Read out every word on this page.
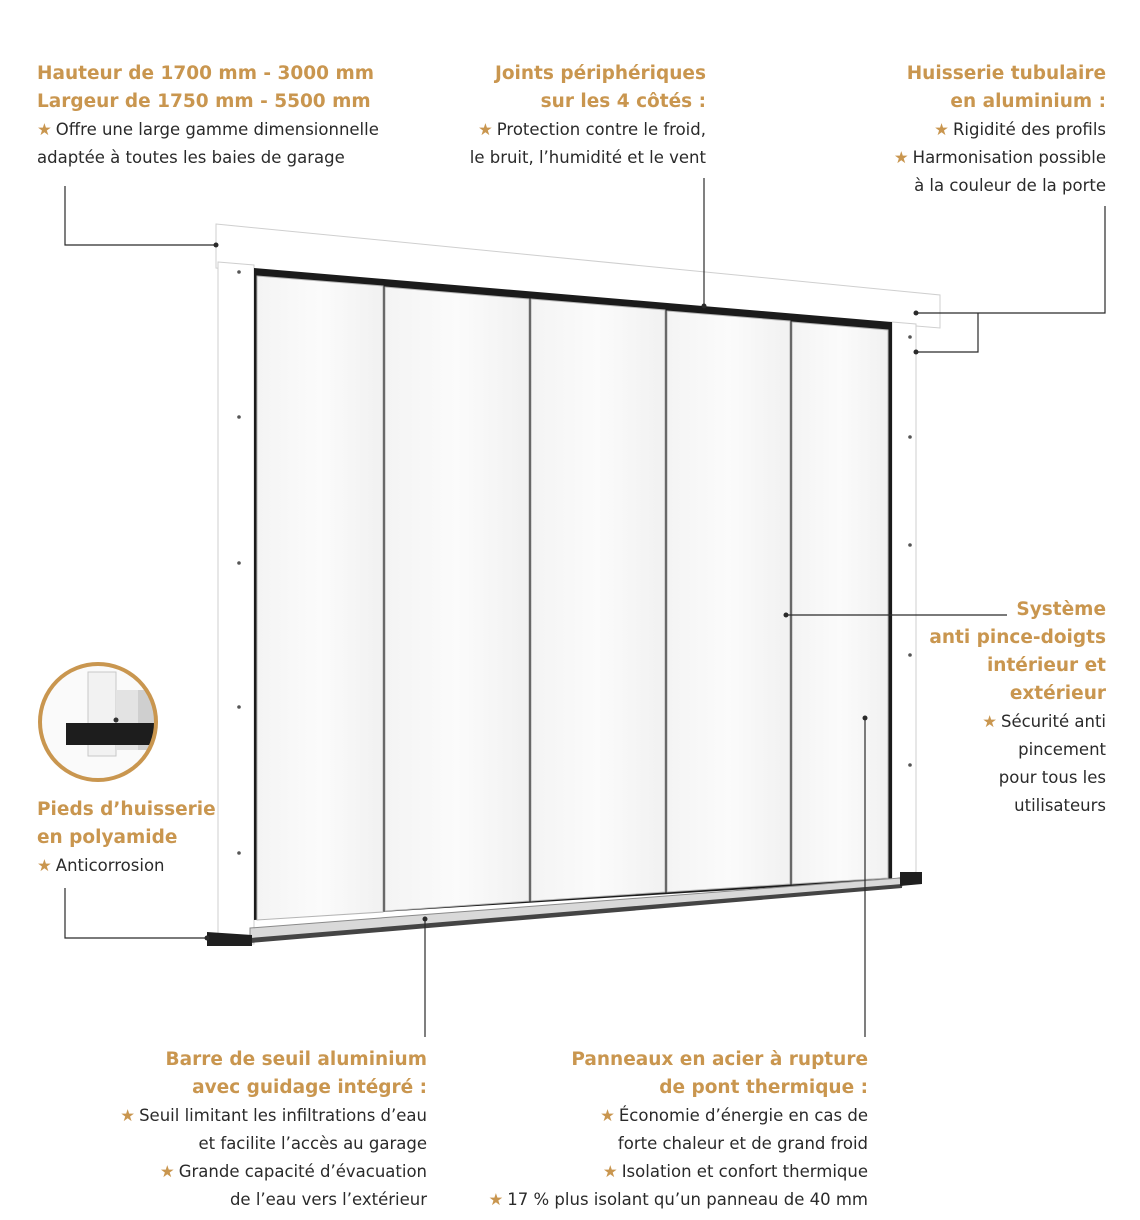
Hauteur de 1700 mm - 3000 mm
Largeur de 1750 mm - 5500 mm
★ Offre une large gamme dimensionnelle
adaptée à toutes les baies de garage
Joints périphériques
sur les 4 côtés :
★ Protection contre le froid,
le bruit, l’humidité et le vent
Huisserie tubulaire
en aluminium :
★ Rigidité des profils
★ Harmonisation possible
à la couleur de la porte
Système
anti pince-doigts
intérieur et
extérieur
★ Sécurité anti
pincement
pour tous les
utilisateurs
Pieds d’huisserie
en polyamide
★ Anticorrosion
Barre de seuil aluminium
avec guidage intégré :
★ Seuil limitant les infiltrations d’eau
et facilite l’accès au garage
★ Grande capacité d’évacuation
de l’eau vers l’extérieur
Panneaux en acier à rupture
de pont thermique :
★ Économie d’énergie en cas de
forte chaleur et de grand froid
★ Isolation et confort thermique
★ 17 % plus isolant qu’un panneau de 40 mm
